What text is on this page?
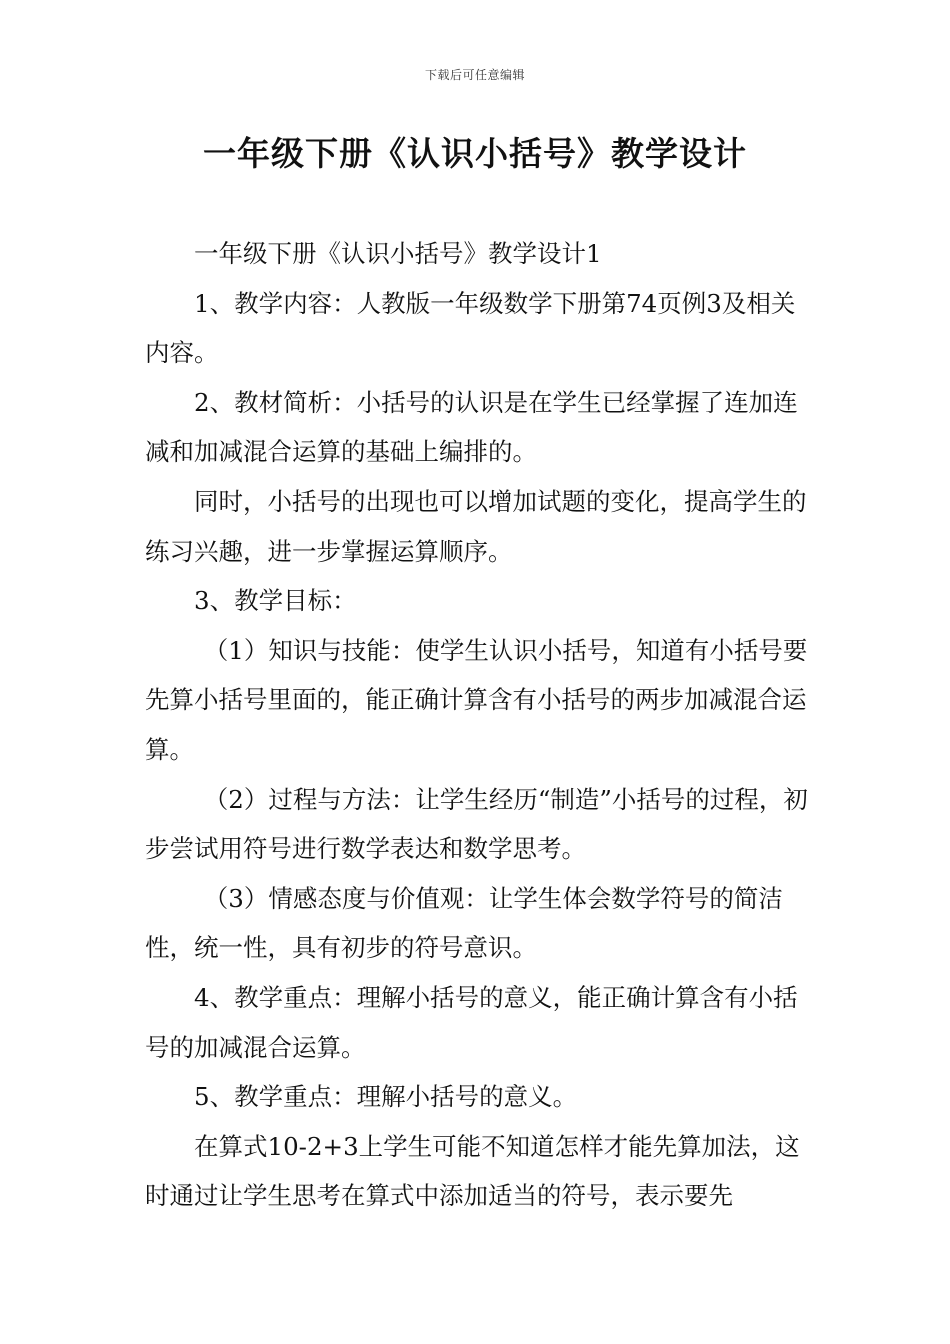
下载后可任意编辑
一年级下册《认识小括号》教学设计

一年级下册《认识小括号》教学设计1

1、教学内容：人教版一年级数学下册第74页例3及相关内容。

2、教材简析：小括号的认识是在学生已经掌握了连加连减和加减混合运算的基础上编排的。

同时，小括号的出现也可以增加试题的变化，提高学生的练习兴趣，进一步掌握运算顺序。

3、教学目标：

（1）知识与技能：使学生认识小括号，知道有小括号要先算小括号里面的，能正确计算含有小括号的两步加减混合运算。

（2）过程与方法：让学生经历“制造”小括号的过程，初步尝试用符号进行数学表达和数学思考。

（3）情感态度与价值观：让学生体会数学符号的简洁性，统一性，具有初步的符号意识。

4、教学重点：理解小括号的意义，能正确计算含有小括号的加减混合运算。

5、教学重点：理解小括号的意义。

在算式10-2+3上学生可能不知道怎样才能先算加法，这时通过让学生思考在算式中添加适当的符号，表示要先
